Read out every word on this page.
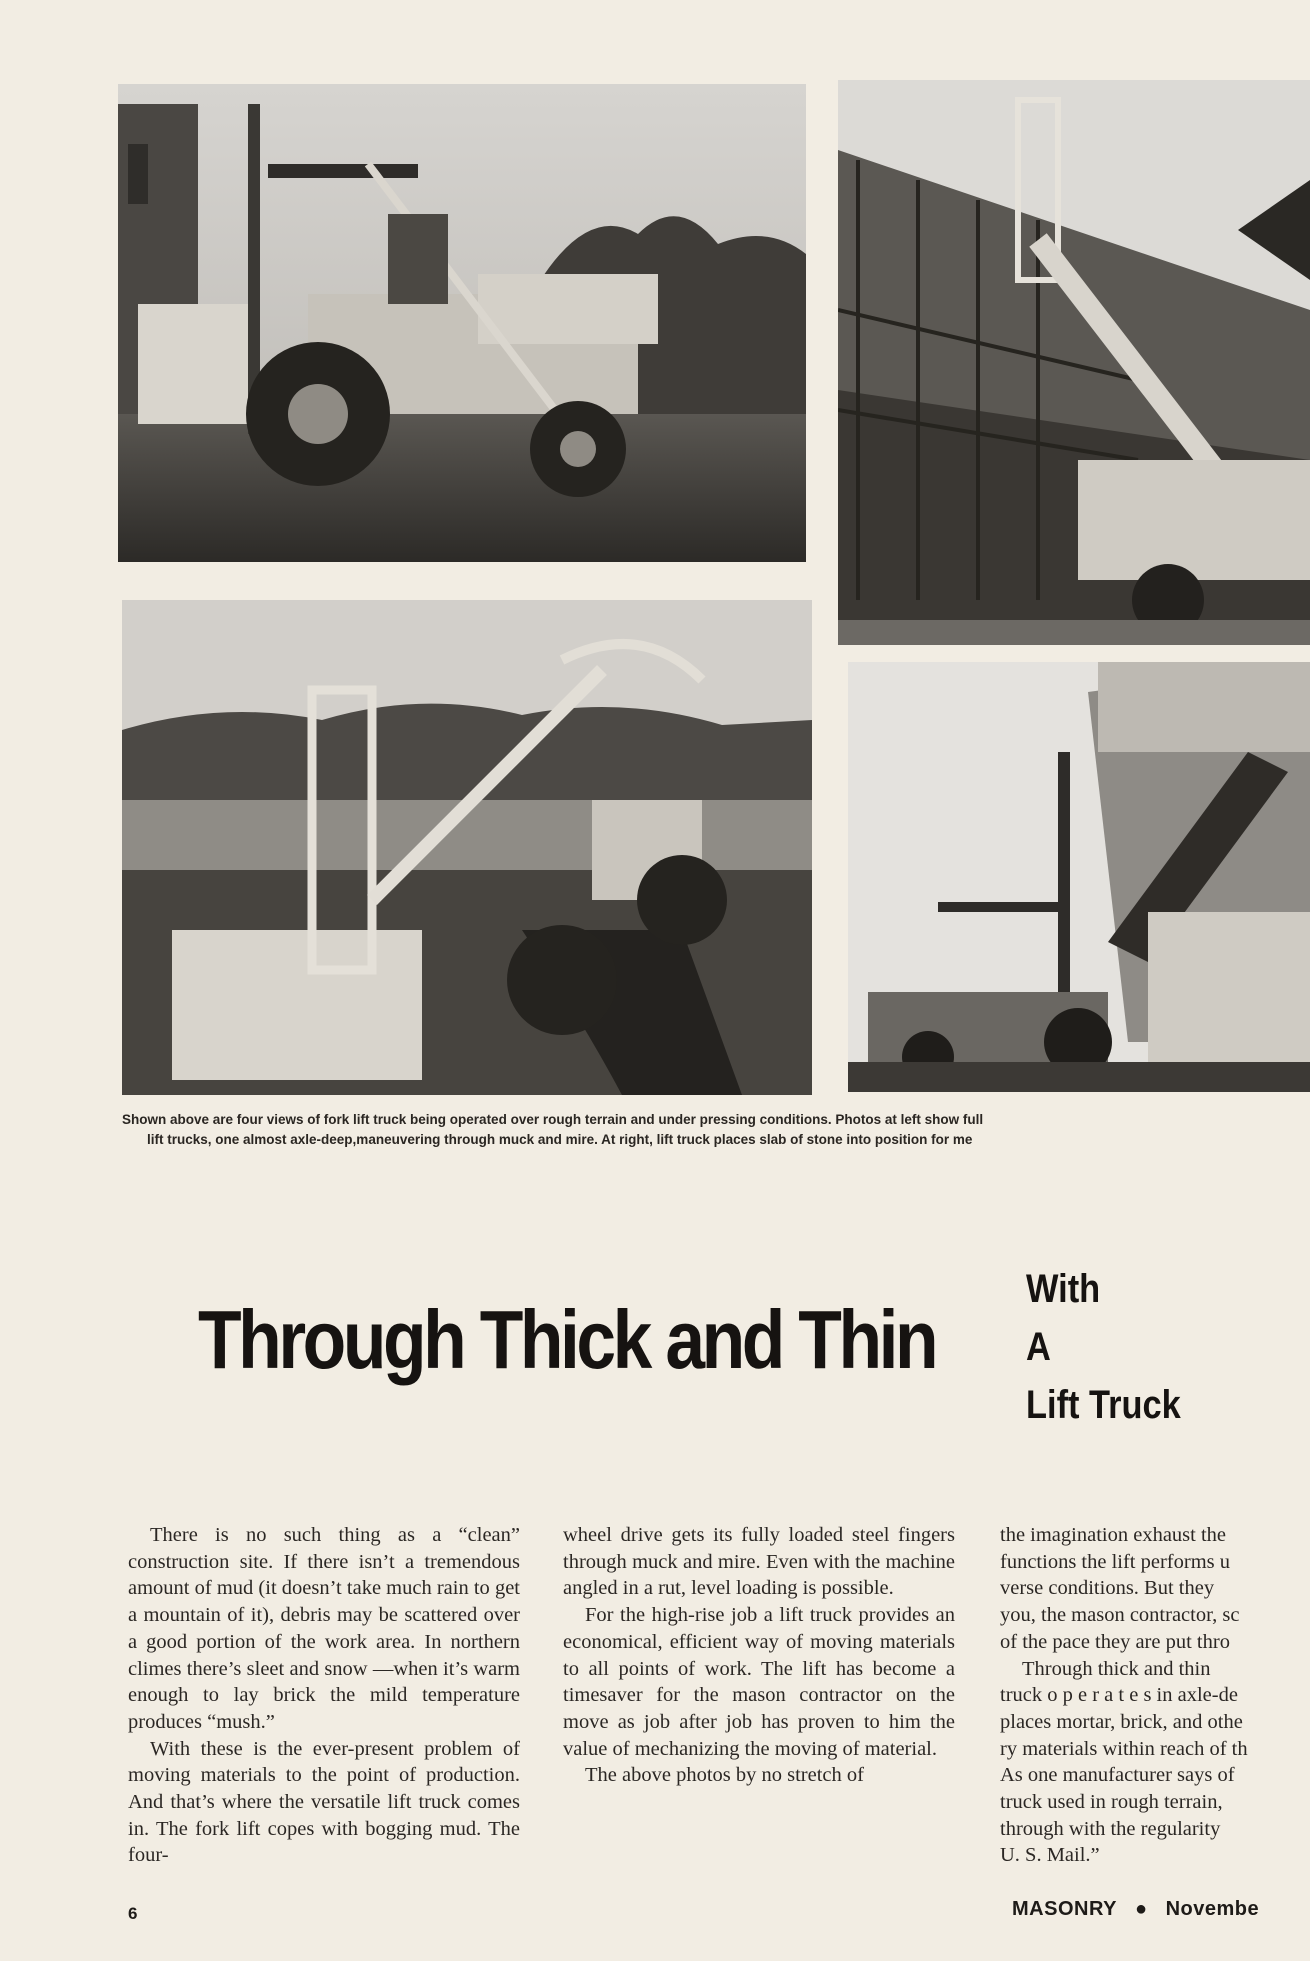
Shown above are four views of fork lift truck being operated over rough terrain and under pressing conditions. Photos at left show full
lift trucks, one almost axle-deep,maneuvering through muck and mire. At right, lift truck places slab of stone into position for me
Through Thick and Thin
With
A
Lift Truck

There is no such thing as a “clean” construction site. If there isn’t a tremendous amount of mud (it doesn’t take much rain to get a mountain of it), debris may be scattered over a good portion of the work area. In northern climes there’s sleet and snow —when it’s warm enough to lay brick the mild temperature produces “mush.”

With these is the ever-present problem of moving materials to the point of production. And that’s where the versatile lift truck comes in. The fork lift copes with bogging mud. The four-

wheel drive gets its fully loaded steel fingers through muck and mire. Even with the machine angled in a rut, level loading is possible.

For the high-rise job a lift truck provides an economical, efficient way of moving materials to all points of work. The lift has become a timesaver for the mason contractor on the move as job after job has proven to him the value of mechanizing the moving of material.

The above photos by no stretch of

the imagination exhaust the

functions the lift performs u

verse conditions. But they

you, the mason contractor, sc

of the pace they are put thro

Through thick and thin

truck o p e r a t e s in axle-de

places mortar, brick, and othe

ry materials within reach of th

As one manufacturer says of

truck used in rough terrain,

through with the regularity

U. S. Mail.”

6	MASONRY ● Novembe
